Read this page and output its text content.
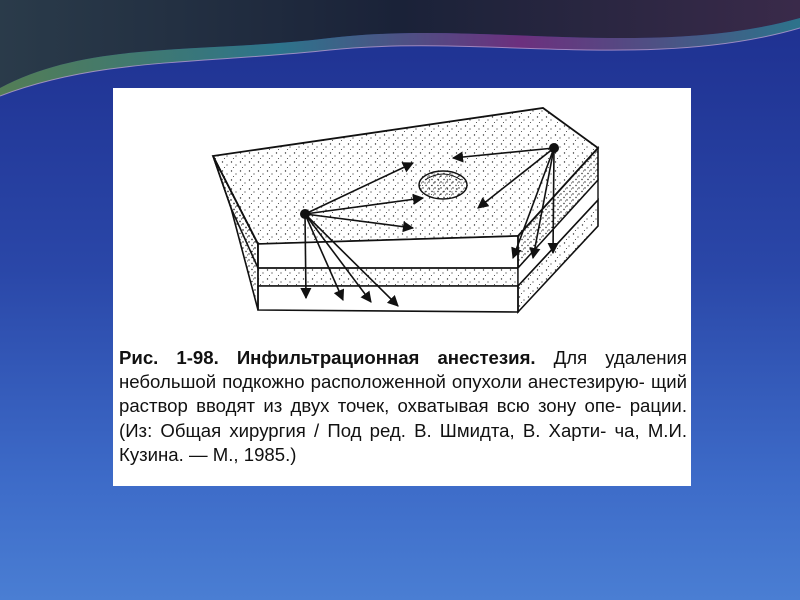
Рис. 1-98. Инфильтрационная анестезия. Для удаления небольшой подкожно расположенной опухоли анестезирую- щий раствор вводят из двух точек, охватывая всю зону опе- рации. (Из: Общая хирургия / Под ред. В. Шмидта, В. Харти- ча, М.И. Кузина. — М., 1985.)
